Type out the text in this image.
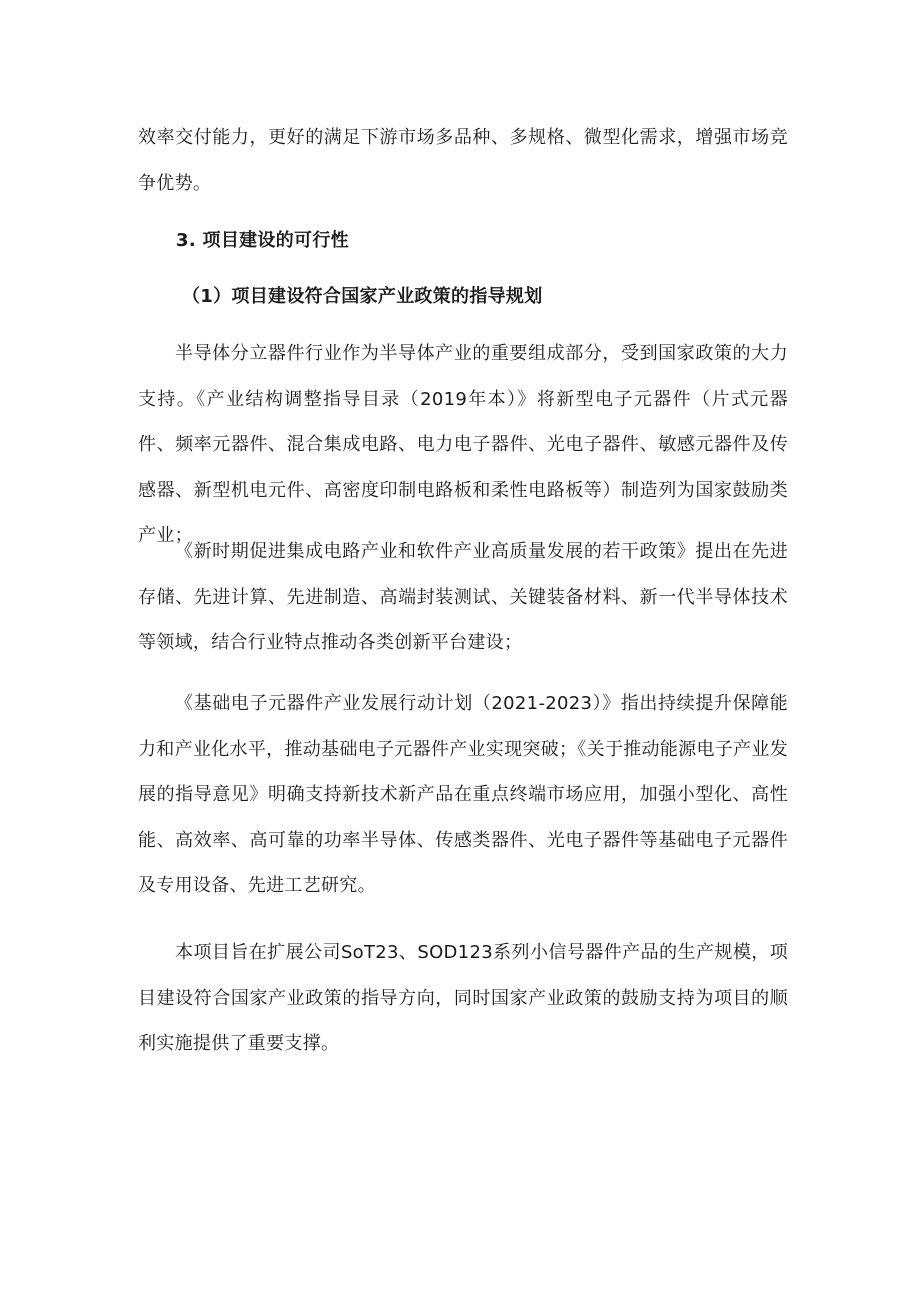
效率交付能力，更好的满足下游市场多品种、多规格、微型化需求，增强市场竞争优势。

3. 项目建设的可行性
（1）项目建设符合国家产业政策的指导规划

半导体分立器件行业作为半导体产业的重要组成部分，受到国家政策的大力支持。《产业结构调整指导目录（2019年本）》将新型电子元器件（片式元器件、频率元器件、混合集成电路、电力电子器件、光电子器件、敏感元器件及传感器、新型机电元件、高密度印制电路板和柔性电路板等）制造列为国家鼓励类产业；

《新时期促进集成电路产业和软件产业高质量发展的若干政策》提出在先进存储、先进计算、先进制造、高端封装测试、关键装备材料、新一代半导体技术等领域，结合行业特点推动各类创新平台建设；

《基础电子元器件产业发展行动计划（2021-2023）》指出持续提升保障能力和产业化水平，推动基础电子元器件产业实现突破；《关于推动能源电子产业发展的指导意见》明确支持新技术新产品在重点终端市场应用，加强小型化、高性能、高效率、高可靠的功率半导体、传感类器件、光电子器件等基础电子元器件及专用设备、先进工艺研究。

本项目旨在扩展公司SoT23、SOD123系列小信号器件产品的生产规模，项目建设符合国家产业政策的指导方向，同时国家产业政策的鼓励支持为项目的顺利实施提供了重要支撑。
